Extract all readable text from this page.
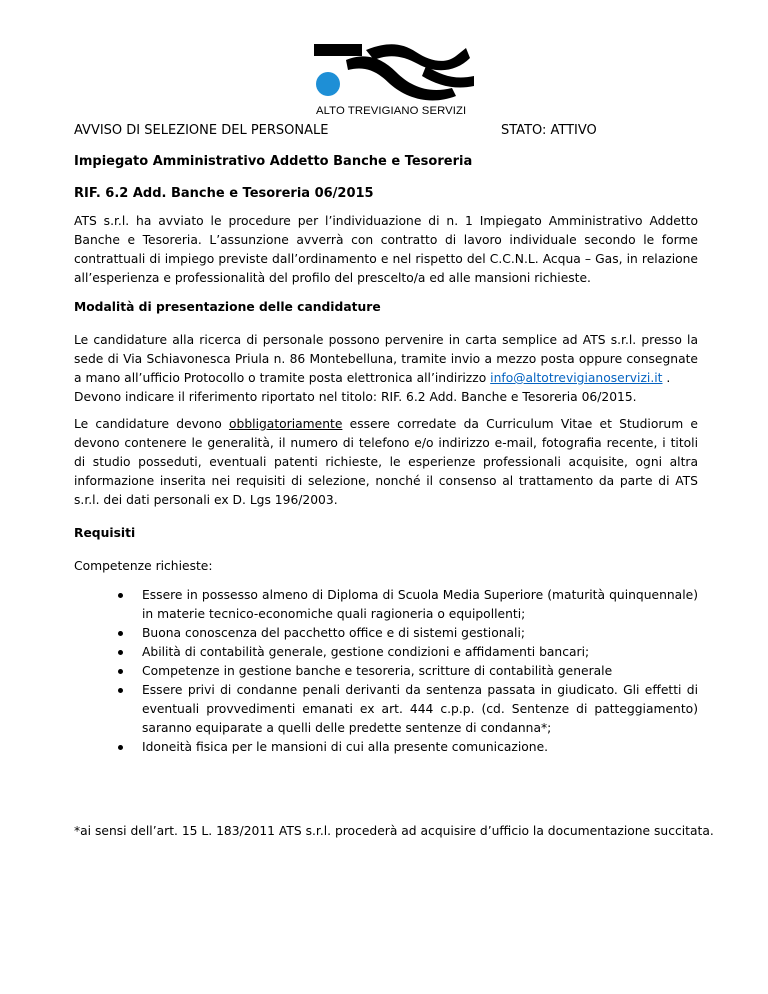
ALTO TREVIGIANO SERVIZI
AVVISO DI SELEZIONE DEL PERSONALE	STATO: ATTIVO
Impiegato Amministrativo Addetto Banche e Tesoreria
RIF. 6.2 Add. Banche e Tesoreria 06/2015
ATS s.r.l. ha avviato le procedure per l’individuazione di n. 1 Impiegato Amministrativo Addetto Banche e Tesoreria. L’assunzione avverrà con contratto di lavoro individuale secondo le forme contrattuali di impiego previste dall’ordinamento e nel rispetto del C.C.N.L. Acqua – Gas, in relazione all’esperienza e professionalità del profilo del prescelto/a ed alle mansioni richieste.
Modalità di presentazione delle candidature
Le candidature alla ricerca di personale possono pervenire in carta semplice ad ATS s.r.l. presso la sede di Via Schiavonesca Priula n. 86 Montebelluna, tramite invio a mezzo posta oppure consegnate a mano all’ufficio Protocollo o tramite posta elettronica all’indirizzo info@altotrevigianoservizi.it .
Devono indicare il riferimento riportato nel titolo: RIF. 6.2 Add. Banche e Tesoreria 06/2015.
Le candidature devono obbligatoriamente essere corredate da Curriculum Vitae et Studiorum e devono contenere le generalità, il numero di telefono e/o indirizzo e-mail, fotografia recente, i titoli di studio posseduti, eventuali patenti richieste, le esperienze professionali acquisite, ogni altra informazione inserita nei requisiti di selezione, nonché il consenso al trattamento da parte di ATS s.r.l. dei dati personali ex D. Lgs 196/2003.
Requisiti
Competenze richieste:
Essere in possesso almeno di Diploma di Scuola Media Superiore (maturità quinquennale) in materie tecnico-economiche quali ragioneria o equipollenti;
Buona conoscenza del pacchetto office e di sistemi gestionali;
Abilità di contabilità generale, gestione condizioni e affidamenti bancari;
Competenze in gestione banche e tesoreria, scritture di contabilità generale
Essere privi di condanne penali derivanti da sentenza passata in giudicato. Gli effetti di eventuali provvedimenti emanati ex art. 444 c.p.p. (cd. Sentenze di patteggiamento) saranno equiparate a quelli delle predette sentenze di condanna*;
Idoneità fisica per le mansioni di cui alla presente comunicazione.
*ai sensi dell’art. 15 L. 183/2011 ATS s.r.l. procederà ad acquisire d’ufficio la documentazione succitata.
